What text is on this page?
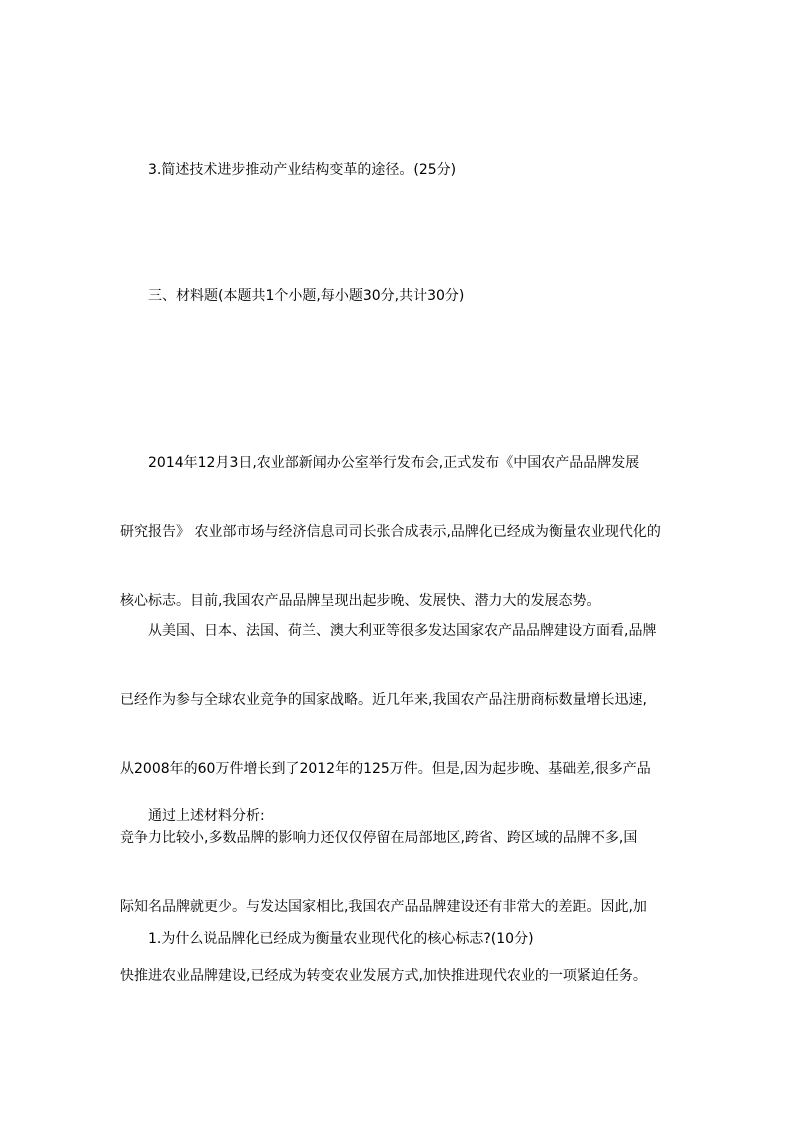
3.简述技术进步推动产业结构变革的途径。(25分)
三、材料题(本题共1个小题,每小题30分,共计30分)

2014年12月3日,农业部新闻办公室举行发布会,正式发布《中国农产品品牌发展

研究报告》 农业部市场与经济信息司司长张合成表示,品牌化已经成为衡量农业现代化的

核心标志。目前,我国农产品品牌呈现出起步晚、发展快、潜力大的发展态势。

从美国、日本、法国、荷兰、澳大利亚等很多发达国家农产品品牌建设方面看,品牌

已经作为参与全球农业竞争的国家战略。近几年来,我国农产品注册商标数量增长迅速,

从2008年的60万件增长到了2012年的125万件。但是,因为起步晚、基础差,很多产品

竞争力比较小,多数品牌的影响力还仅仅停留在局部地区,跨省、跨区域的品牌不多,国

际知名品牌就更少。与发达国家相比,我国农产品品牌建设还有非常大的差距。因此,加

快推进农业品牌建设,已经成为转变农业发展方式,加快推进现代农业的一项紧迫任务。

通过上述材料分析:
1.为什么说品牌化已经成为衡量农业现代化的核心标志?(10分)
